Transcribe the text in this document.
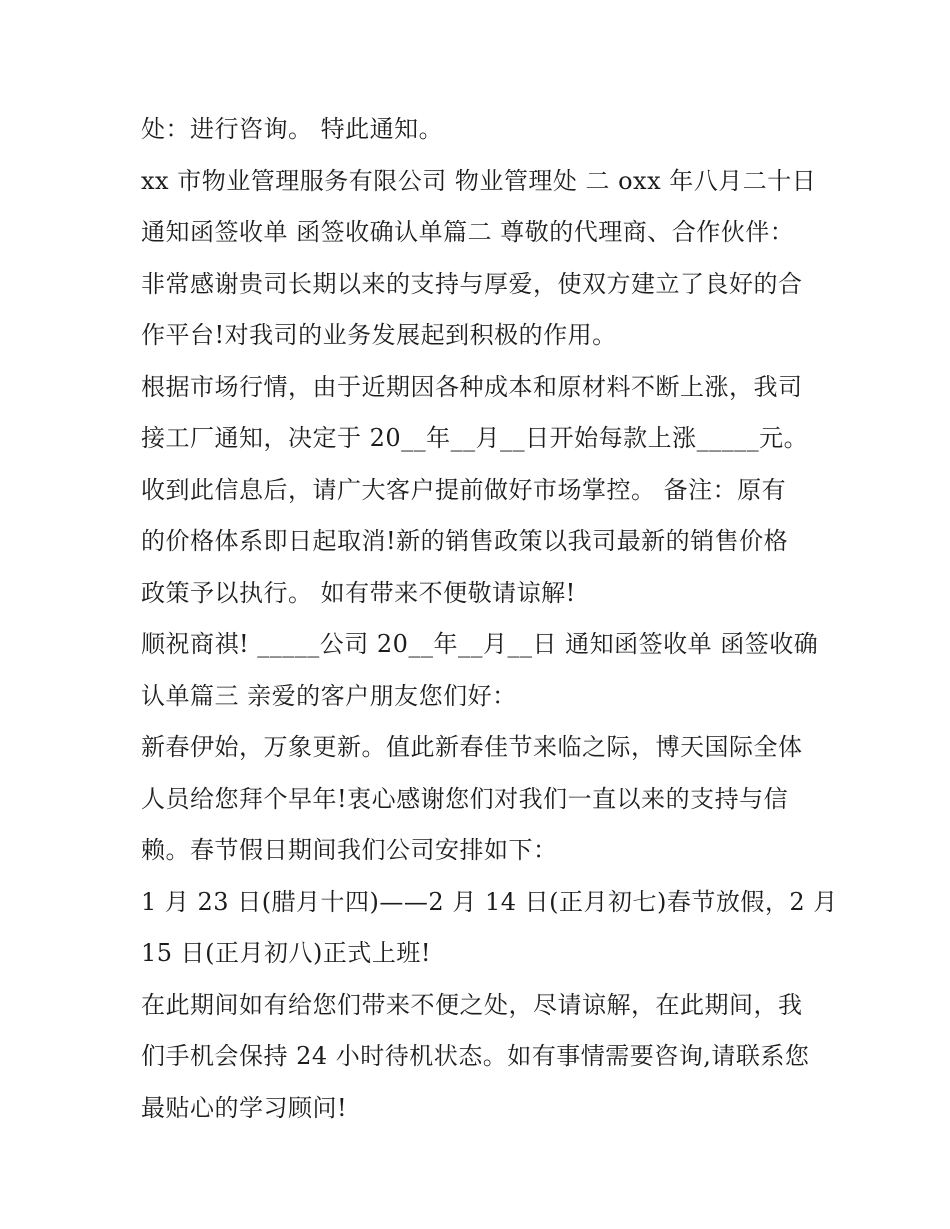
处：进行咨询。 特此通知。
xx 市物业管理服务有限公司 物业管理处 二 oxx 年八月二十日
通知函签收单 函签收确认单篇二 尊敬的代理商、合作伙伴：
非常感谢贵司长期以来的支持与厚爱，使双方建立了良好的合
作平台!对我司的业务发展起到积极的作用。
根据市场行情，由于近期因各种成本和原材料不断上涨，我司
接工厂通知，决定于 20__年__月__日开始每款上涨_____元。
收到此信息后，请广大客户提前做好市场掌控。 备注：原有
的价格体系即日起取消!新的销售政策以我司最新的销售价格
政策予以执行。 如有带来不便敬请谅解!
顺祝商祺! _____公司 20__年__月__日 通知函签收单 函签收确
认单篇三 亲爱的客户朋友您们好：
新春伊始，万象更新。值此新春佳节来临之际，博天国际全体
人员给您拜个早年!衷心感谢您们对我们一直以来的支持与信
赖。春节假日期间我们公司安排如下：
1 月 23 日(腊月十四)——2 月 14 日(正月初七)春节放假，2 月
15 日(正月初八)正式上班!
在此期间如有给您们带来不便之处，尽请谅解，在此期间，我
们手机会保持 24 小时待机状态。如有事情需要咨询,请联系您
最贴心的学习顾问!
